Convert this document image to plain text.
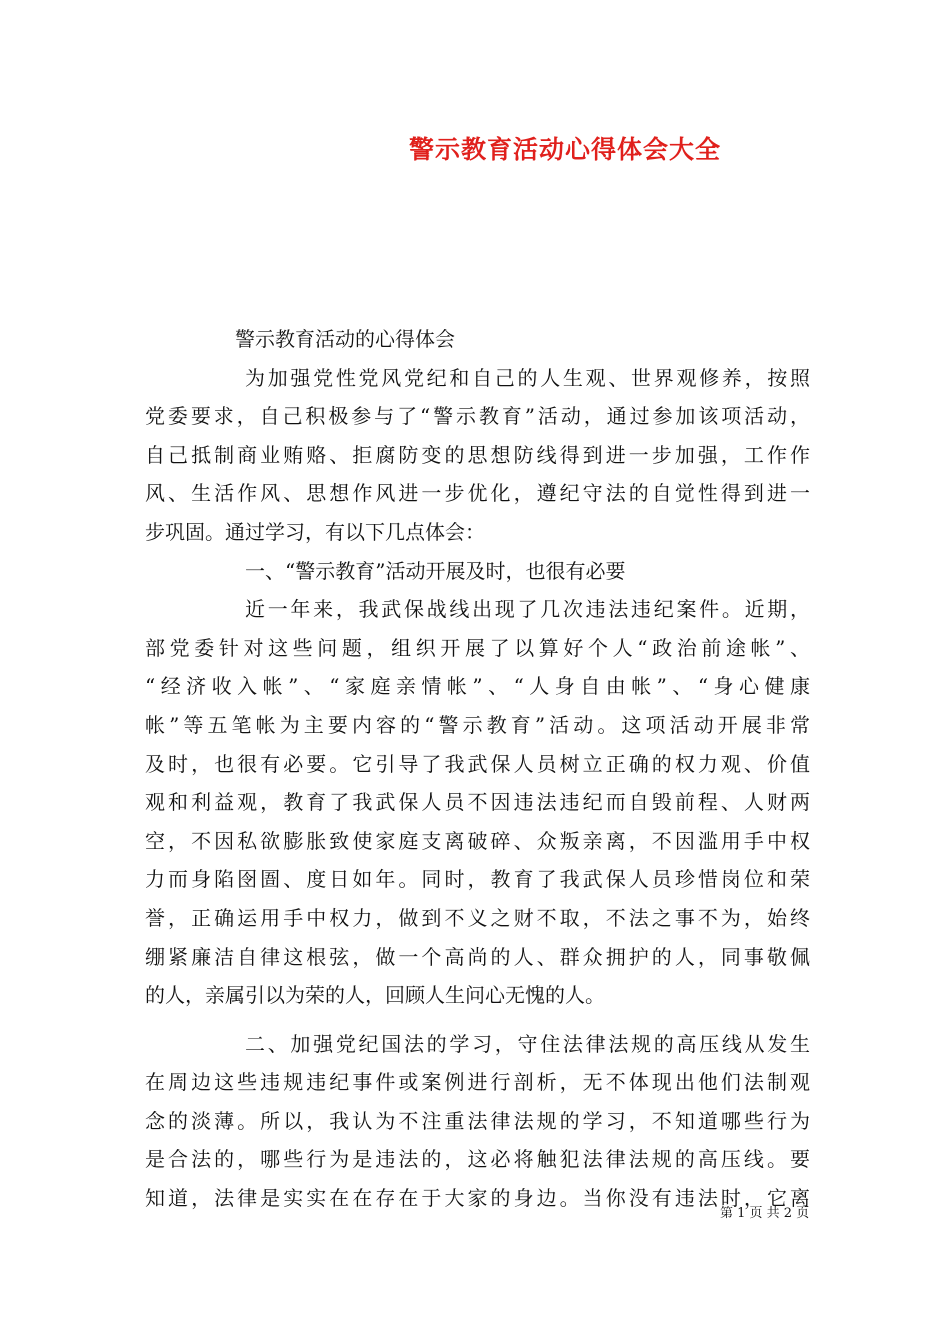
警示教育活动心得体会大全
警示教育活动的心得体会
为加强党性党风党纪和自己的人生观、世界观修养，按照
党委要求，自己积极参与了“警示教育”活动，通过参加该项活动，
自己抵制商业贿赂、拒腐防变的思想防线得到进一步加强，工作作
风、生活作风、思想作风进一步优化，遵纪守法的自觉性得到进一
步巩固。通过学习，有以下几点体会：
一、“警示教育”活动开展及时，也很有必要
近一年来，我武保战线出现了几次违法违纪案件。近期，
部党委针对这些问题，组织开展了以算好个人“政治前途帐”、
“经济收入帐”、“家庭亲情帐”、“人身自由帐”、“身心健康
帐”等五笔帐为主要内容的“警示教育”活动。这项活动开展非常
及时，也很有必要。它引导了我武保人员树立正确的权力观、价值
观和利益观，教育了我武保人员不因违法违纪而自毁前程、人财两
空，不因私欲膨胀致使家庭支离破碎、众叛亲离，不因滥用手中权
力而身陷囹圄、度日如年。同时，教育了我武保人员珍惜岗位和荣
誉，正确运用手中权力，做到不义之财不取，不法之事不为，始终
绷紧廉洁自律这根弦，做一个高尚的人、群众拥护的人，同事敬佩
的人，亲属引以为荣的人，回顾人生问心无愧的人。
二、加强党纪国法的学习，守住法律法规的高压线从发生
在周边这些违规违纪事件或案例进行剖析，无不体现出他们法制观
念的淡薄。所以，我认为不注重法律法规的学习，不知道哪些行为
是合法的，哪些行为是违法的，这必将触犯法律法规的高压线。要
知道，法律是实实在在存在于大家的身边。当你没有违法时，它离
第 1 页 共 2 页
